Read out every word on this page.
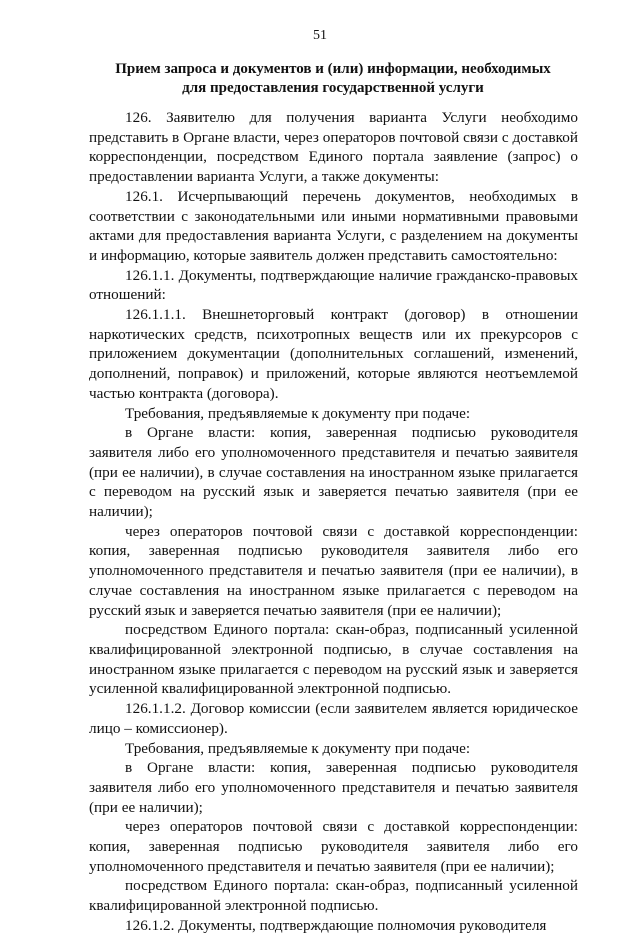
51
Прием запроса и документов и (или) информации, необходимых
для предоставления государственной услуги

126. Заявителю для получения варианта Услуги необходимо представить в Органе власти, через операторов почтовой связи с доставкой корреспонденции, посредством Единого портала заявление (запрос) о предоставлении варианта Услуги, а также документы:

126.1. Исчерпывающий перечень документов, необходимых в соответствии с законодательными или иными нормативными правовыми актами для предоставления варианта Услуги, с разделением на документы и информацию, которые заявитель должен представить самостоятельно:

126.1.1. Документы, подтверждающие наличие гражданско-правовых отношений:

126.1.1.1. Внешнеторговый контракт (договор) в отношении наркотических средств, психотропных веществ или их прекурсоров с приложением документации (дополнительных соглашений, изменений, дополнений, поправок) и приложений, которые являются неотъемлемой частью контракта (договора).

Требования, предъявляемые к документу при подаче:

в Органе власти: копия, заверенная подписью руководителя заявителя либо его уполномоченного представителя и печатью заявителя (при ее наличии), в случае составления на иностранном языке прилагается с переводом на русский язык и заверяется печатью заявителя (при ее наличии);

через операторов почтовой связи с доставкой корреспонденции: копия, заверенная подписью руководителя заявителя либо его уполномоченного представителя и печатью заявителя (при ее наличии), в случае составления на иностранном языке прилагается с переводом на русский язык и заверяется печатью заявителя (при ее наличии);

посредством Единого портала: скан-образ, подписанный усиленной квалифицированной электронной подписью, в случае составления на иностранном языке прилагается с переводом на русский язык и заверяется усиленной квалифицированной электронной подписью.

126.1.1.2. Договор комиссии (если заявителем является юридическое лицо – комиссионер).

Требования, предъявляемые к документу при подаче:

в Органе власти: копия, заверенная подписью руководителя заявителя либо его уполномоченного представителя и печатью заявителя (при ее наличии);

через операторов почтовой связи с доставкой корреспонденции: копия, заверенная подписью руководителя заявителя либо его уполномоченного представителя и печатью заявителя (при ее наличии);

посредством Единого портала: скан-образ, подписанный усиленной квалифицированной электронной подписью.

126.1.2. Документы, подтверждающие полномочия руководителя
